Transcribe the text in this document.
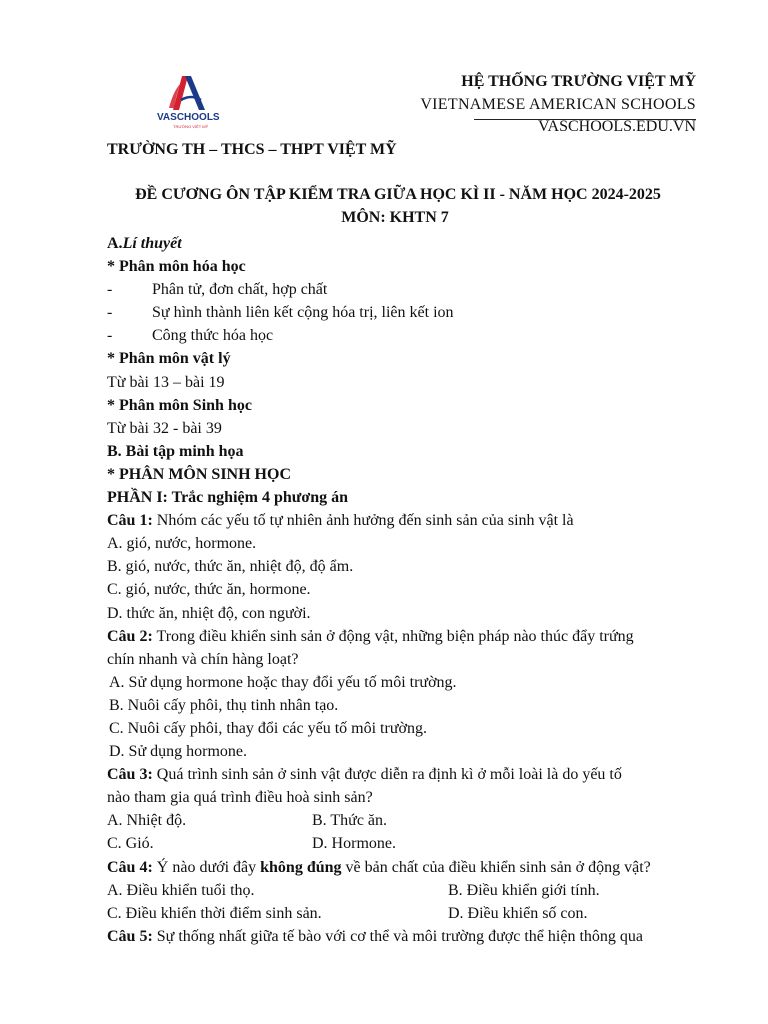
VASCHOOLS
TRƯỜNG VIỆT MỸ
HỆ THỐNG TRƯỜNG VIỆT MỸ
VIETNAMESE AMERICAN SCHOOLS
VASCHOOLS.EDU.VN
TRƯỜNG TH – THCS – THPT VIỆT MỸ
ĐỀ CƯƠNG ÔN TẬP KIỂM TRA GIỮA HỌC KÌ II - NĂM HỌC 2024-2025
MÔN: KHTN 7
A.Lí thuyết
* Phân môn hóa học
- Phân tử, đơn chất, hợp chất
- Sự hình thành liên kết cộng hóa trị, liên kết ion
- Công thức hóa học
* Phân môn vật lý
Từ bài 13 – bài 19
* Phân môn Sinh học
Từ bài 32 - bài 39
B. Bài tập minh họa
* PHÂN MÔN SINH HỌC
PHẦN I: Trắc nghiệm 4 phương án
Câu 1: Nhóm các yếu tố tự nhiên ảnh hưởng đến sinh sản của sinh vật là
A. gió, nước, hormone.
B. gió, nước, thức ăn, nhiệt độ, độ ẩm.
C. gió, nước, thức ăn, hormone.
D. thức ăn, nhiệt độ, con người.
Câu 2: Trong điều khiển sinh sản ở động vật, những biện pháp nào thúc đẩy trứng
chín nhanh và chín hàng loạt?
A. Sử dụng hormone hoặc thay đổi yếu tố môi trường.
B. Nuôi cấy phôi, thụ tinh nhân tạo.
C. Nuôi cấy phôi, thay đổi các yếu tố môi trường.
D. Sử dụng hormone.
Câu 3: Quá trình sinh sản ở sinh vật được diễn ra định kì ở mỗi loài là do yếu tố
nào tham gia quá trình điều hoà sinh sản?
A. Nhiệt độ.	B. Thức ăn.
C. Gió.	D. Hormone.
Câu 4: Ý nào dưới đây không đúng về bản chất của điều khiển sinh sản ở động vật?
A. Điều khiển tuổi thọ.	B. Điều khiển giới tính.
C. Điều khiển thời điểm sinh sản.	D. Điều khiển số con.
Câu 5: Sự thống nhất giữa tế bào với cơ thể và môi trường được thể hiện thông qua
